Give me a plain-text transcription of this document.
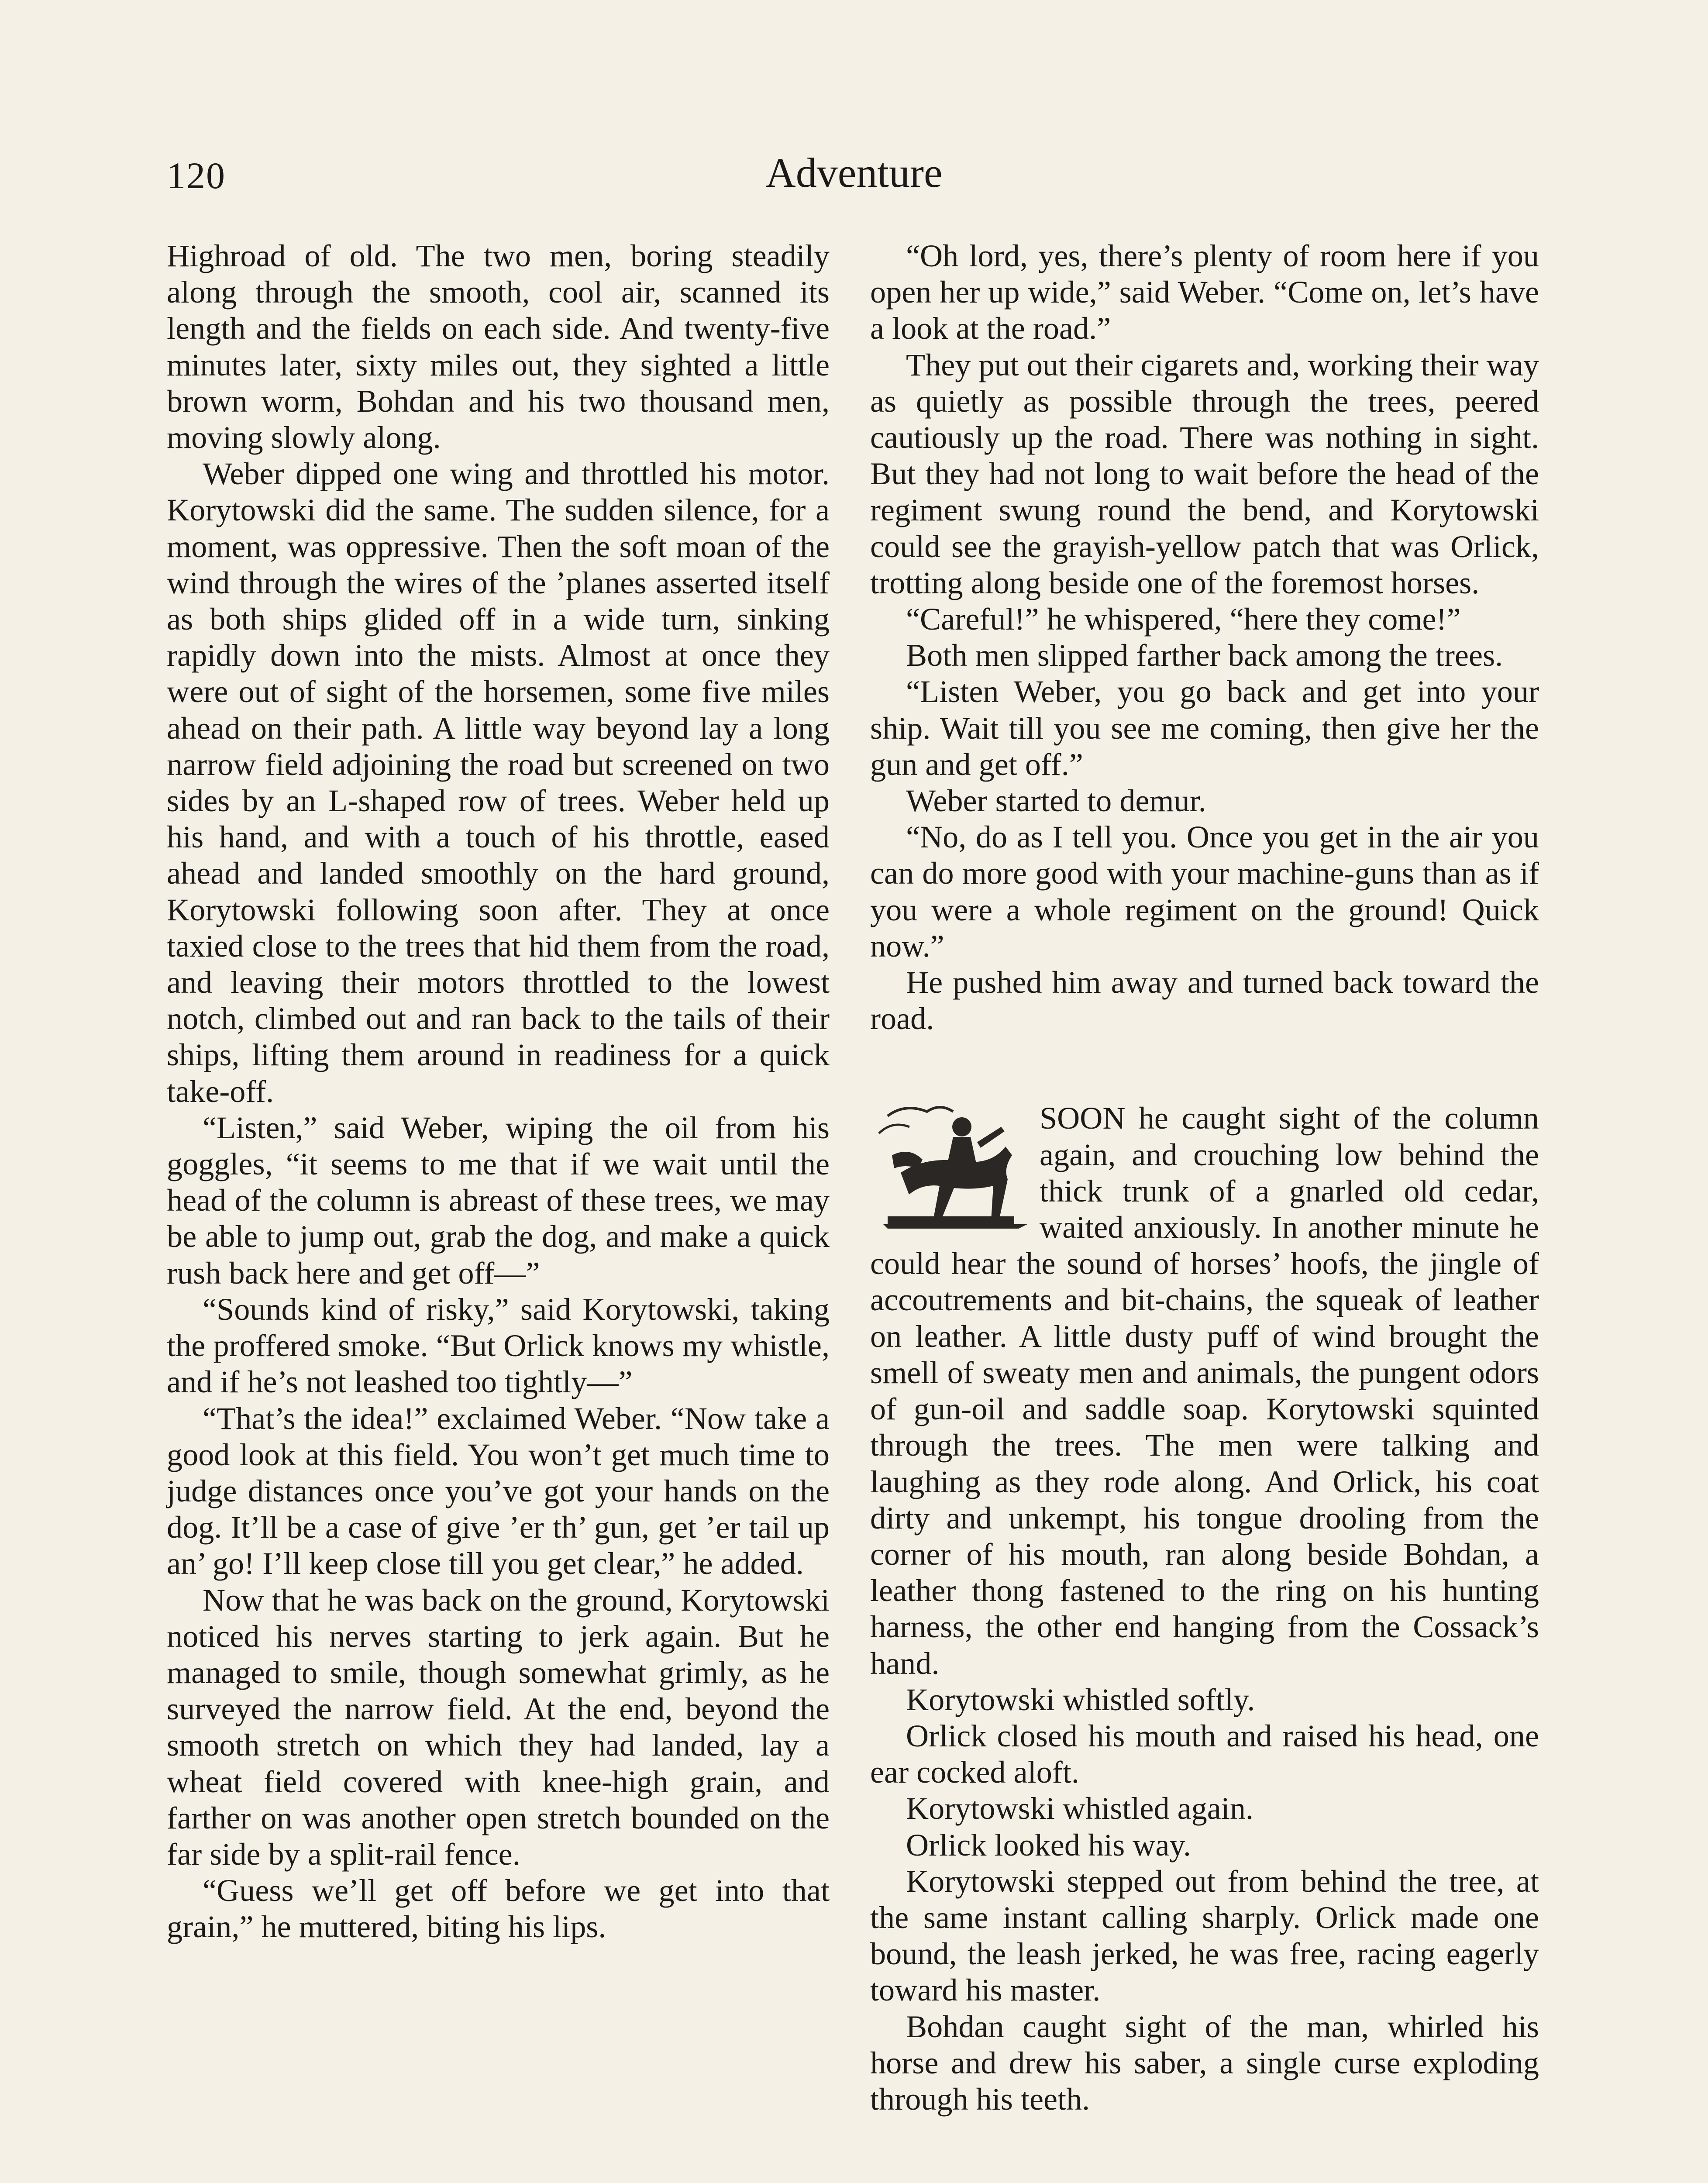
120	Adventure

Highroad of old. The two men, boring steadily along through the smooth, cool air, scanned its length and the fields on each side. And twenty-five minutes later, sixty miles out, they sighted a little brown worm, Bohdan and his two thousand men, moving slowly along.

Weber dipped one wing and throttled his motor. Korytowski did the same. The sudden silence, for a moment, was oppressive. Then the soft moan of the wind through the wires of the ’planes asserted itself as both ships glided off in a wide turn, sinking rapidly down into the mists. Almost at once they were out of sight of the horsemen, some five miles ahead on their path. A little way beyond lay a long narrow field adjoining the road but screened on two sides by an L-shaped row of trees. Weber held up his hand, and with a touch of his throttle, eased ahead and landed smoothly on the hard ground, Korytowski following soon after. They at once taxied close to the trees that hid them from the road, and leaving their motors throttled to the lowest notch, climbed out and ran back to the tails of their ships, lifting them around in readiness for a quick take-off.

“Listen,” said Weber, wiping the oil from his goggles, “it seems to me that if we wait until the head of the column is abreast of these trees, we may be able to jump out, grab the dog, and make a quick rush back here and get off—”

“Sounds kind of risky,” said Korytowski, taking the proffered smoke. “But Orlick knows my whistle, and if he’s not leashed too tightly—”

“That’s the idea!” exclaimed Weber. “Now take a good look at this field. You won’t get much time to judge distances once you’ve got your hands on the dog. It’ll be a case of give ’er th’ gun, get ’er tail up an’ go! I’ll keep close till you get clear,” he added.

Now that he was back on the ground, Korytowski noticed his nerves starting to jerk again. But he managed to smile, though somewhat grimly, as he surveyed the narrow field. At the end, beyond the smooth stretch on which they had landed, lay a wheat field covered with knee-high grain, and farther on was another open stretch bounded on the far side by a split-rail fence.

“Guess we’ll get off before we get into that grain,” he muttered, biting his lips.

“Oh lord, yes, there’s plenty of room here if you open her up wide,” said Weber. “Come on, let’s have a look at the road.”

They put out their cigarets and, working their way as quietly as possible through the trees, peered cautiously up the road. There was nothing in sight. But they had not long to wait before the head of the regiment swung round the bend, and Korytowski could see the grayish-yellow patch that was Orlick, trotting along beside one of the foremost horses.

“Careful!” he whispered, “here they come!”

Both men slipped farther back among the trees.

“Listen Weber, you go back and get into your ship. Wait till you see me coming, then give her the gun and get off.”

Weber started to demur.

“No, do as I tell you. Once you get in the air you can do more good with your machine-guns than as if you were a whole regiment on the ground! Quick now.”

He pushed him away and turned back toward the road.

SOON he caught sight of the column again, and crouching low behind the thick trunk of a gnarled old cedar, waited anxiously. In another minute he could hear the sound of horses’ hoofs, the jingle of accoutrements and bit-chains, the squeak of leather on leather. A little dusty puff of wind brought the smell of sweaty men and animals, the pungent odors of gun-oil and saddle soap. Korytowski squinted through the trees. The men were talking and laughing as they rode along. And Orlick, his coat dirty and unkempt, his tongue drooling from the corner of his mouth, ran along beside Bohdan, a leather thong fastened to the ring on his hunting harness, the other end hanging from the Cossack’s hand.

Korytowski whistled softly.

Orlick closed his mouth and raised his head, one ear cocked aloft.

Korytowski whistled again.

Orlick looked his way.

Korytowski stepped out from behind the tree, at the same instant calling sharply. Orlick made one bound, the leash jerked, he was free, racing eagerly toward his master.

Bohdan caught sight of the man, whirled his horse and drew his saber, a single curse exploding through his teeth.
